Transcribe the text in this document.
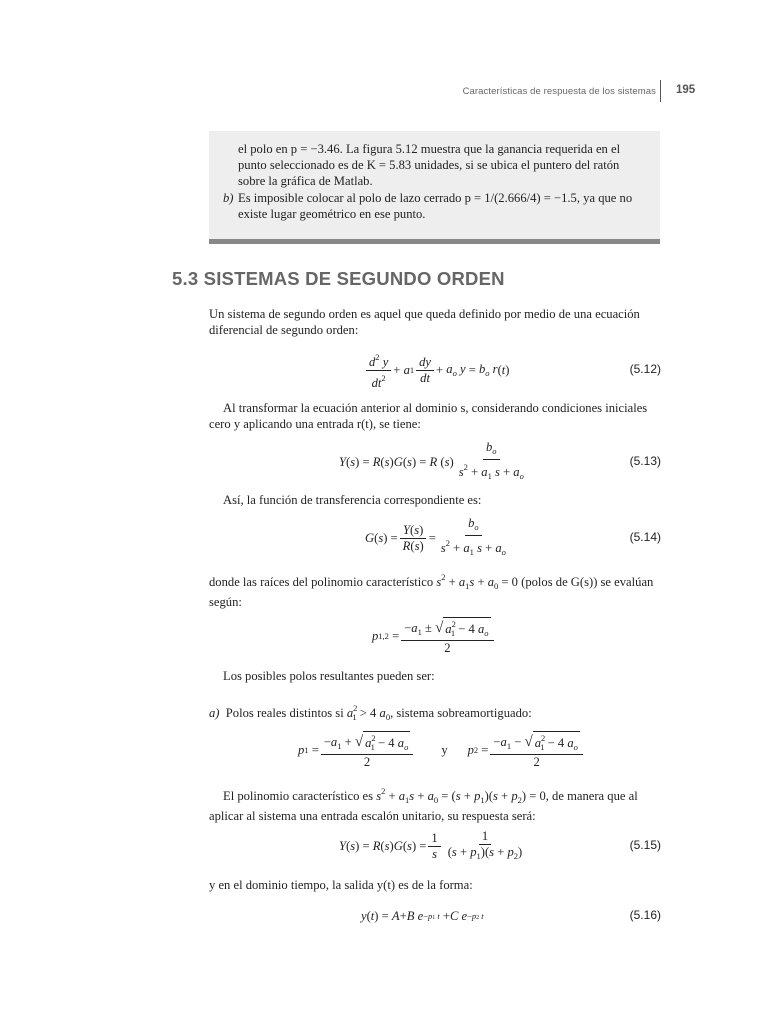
Características de respuesta de los sistemas 195
el polo en p = −3.46. La figura 5.12 muestra que la ganancia requerida en el
punto seleccionado es de K = 5.83 unidades, si se ubica el puntero del ratón
sobre la gráfica de Matlab.
b) Es imposible colocar al polo de lazo cerrado p = 1/(2.666/4) = −1.5, ya que no
existe lugar geométrico en ese punto.
5.3 SISTEMAS DE SEGUNDO ORDEN
Un sistema de segundo orden es aquel que queda definido por medio de una ecuación
diferencial de segundo orden:
$\frac{d^2 y}{dt^2} + a$ $1 \frac{dy}{dt} + a_o$ $y = b_o$ r ( t )	(5.12)
Al transformar la ecuación anterior al dominio s, considerando condiciones iniciales
cero y aplicando una entrada r(t), se tiene:
Y ( s ) = R ( s ) G ( s ) = R ( s ) $\frac{b_o}{s^2 + a_1 s + a_o}$	(5.13)
Así, la función de transferencia correspondiente es:
G ( s ) = $\frac{Y(s)}{R(s)} = \frac{b_o}{s^2 + a_1 s + a_o}$	(5.14)
donde las raíces del polinomio característico $s^2 + a_1s + a_0 = 0$ (polos de G(s)) se evalúan
según:
p $1,2 = \frac{-a_1 \pm √ a^2_1 - 4 a_o}{2}$
Los posibles polos resultantes pueden ser:
a) Polos reales distintos si $a^2_1 > 4$ $a_0$, sistema sobreamortiguado:
p $1 = \frac{-a_1 + √ a^2_1 - 4 a_o}{2}$ y p $2 = \frac{-a_1 - √ a^2_1 - 4 a_o}{2}$
El polinomio característico es $s^2 + a_1s + a_0 = (s + p_1)(s + p_2) = 0$, de manera que al
aplicar al sistema una entrada escalón unitario, su respuesta será:
Y ( s ) = R ( s ) G ( s ) = $\frac{1}{s} \frac{1}{(s + p_1)(s + p_2)}$	(5.15)
y en el dominio tiempo, la salida y(t) es de la forma:
y ( t ) = A + B
e −p1 t + C
e −p2 t	(5.16)
